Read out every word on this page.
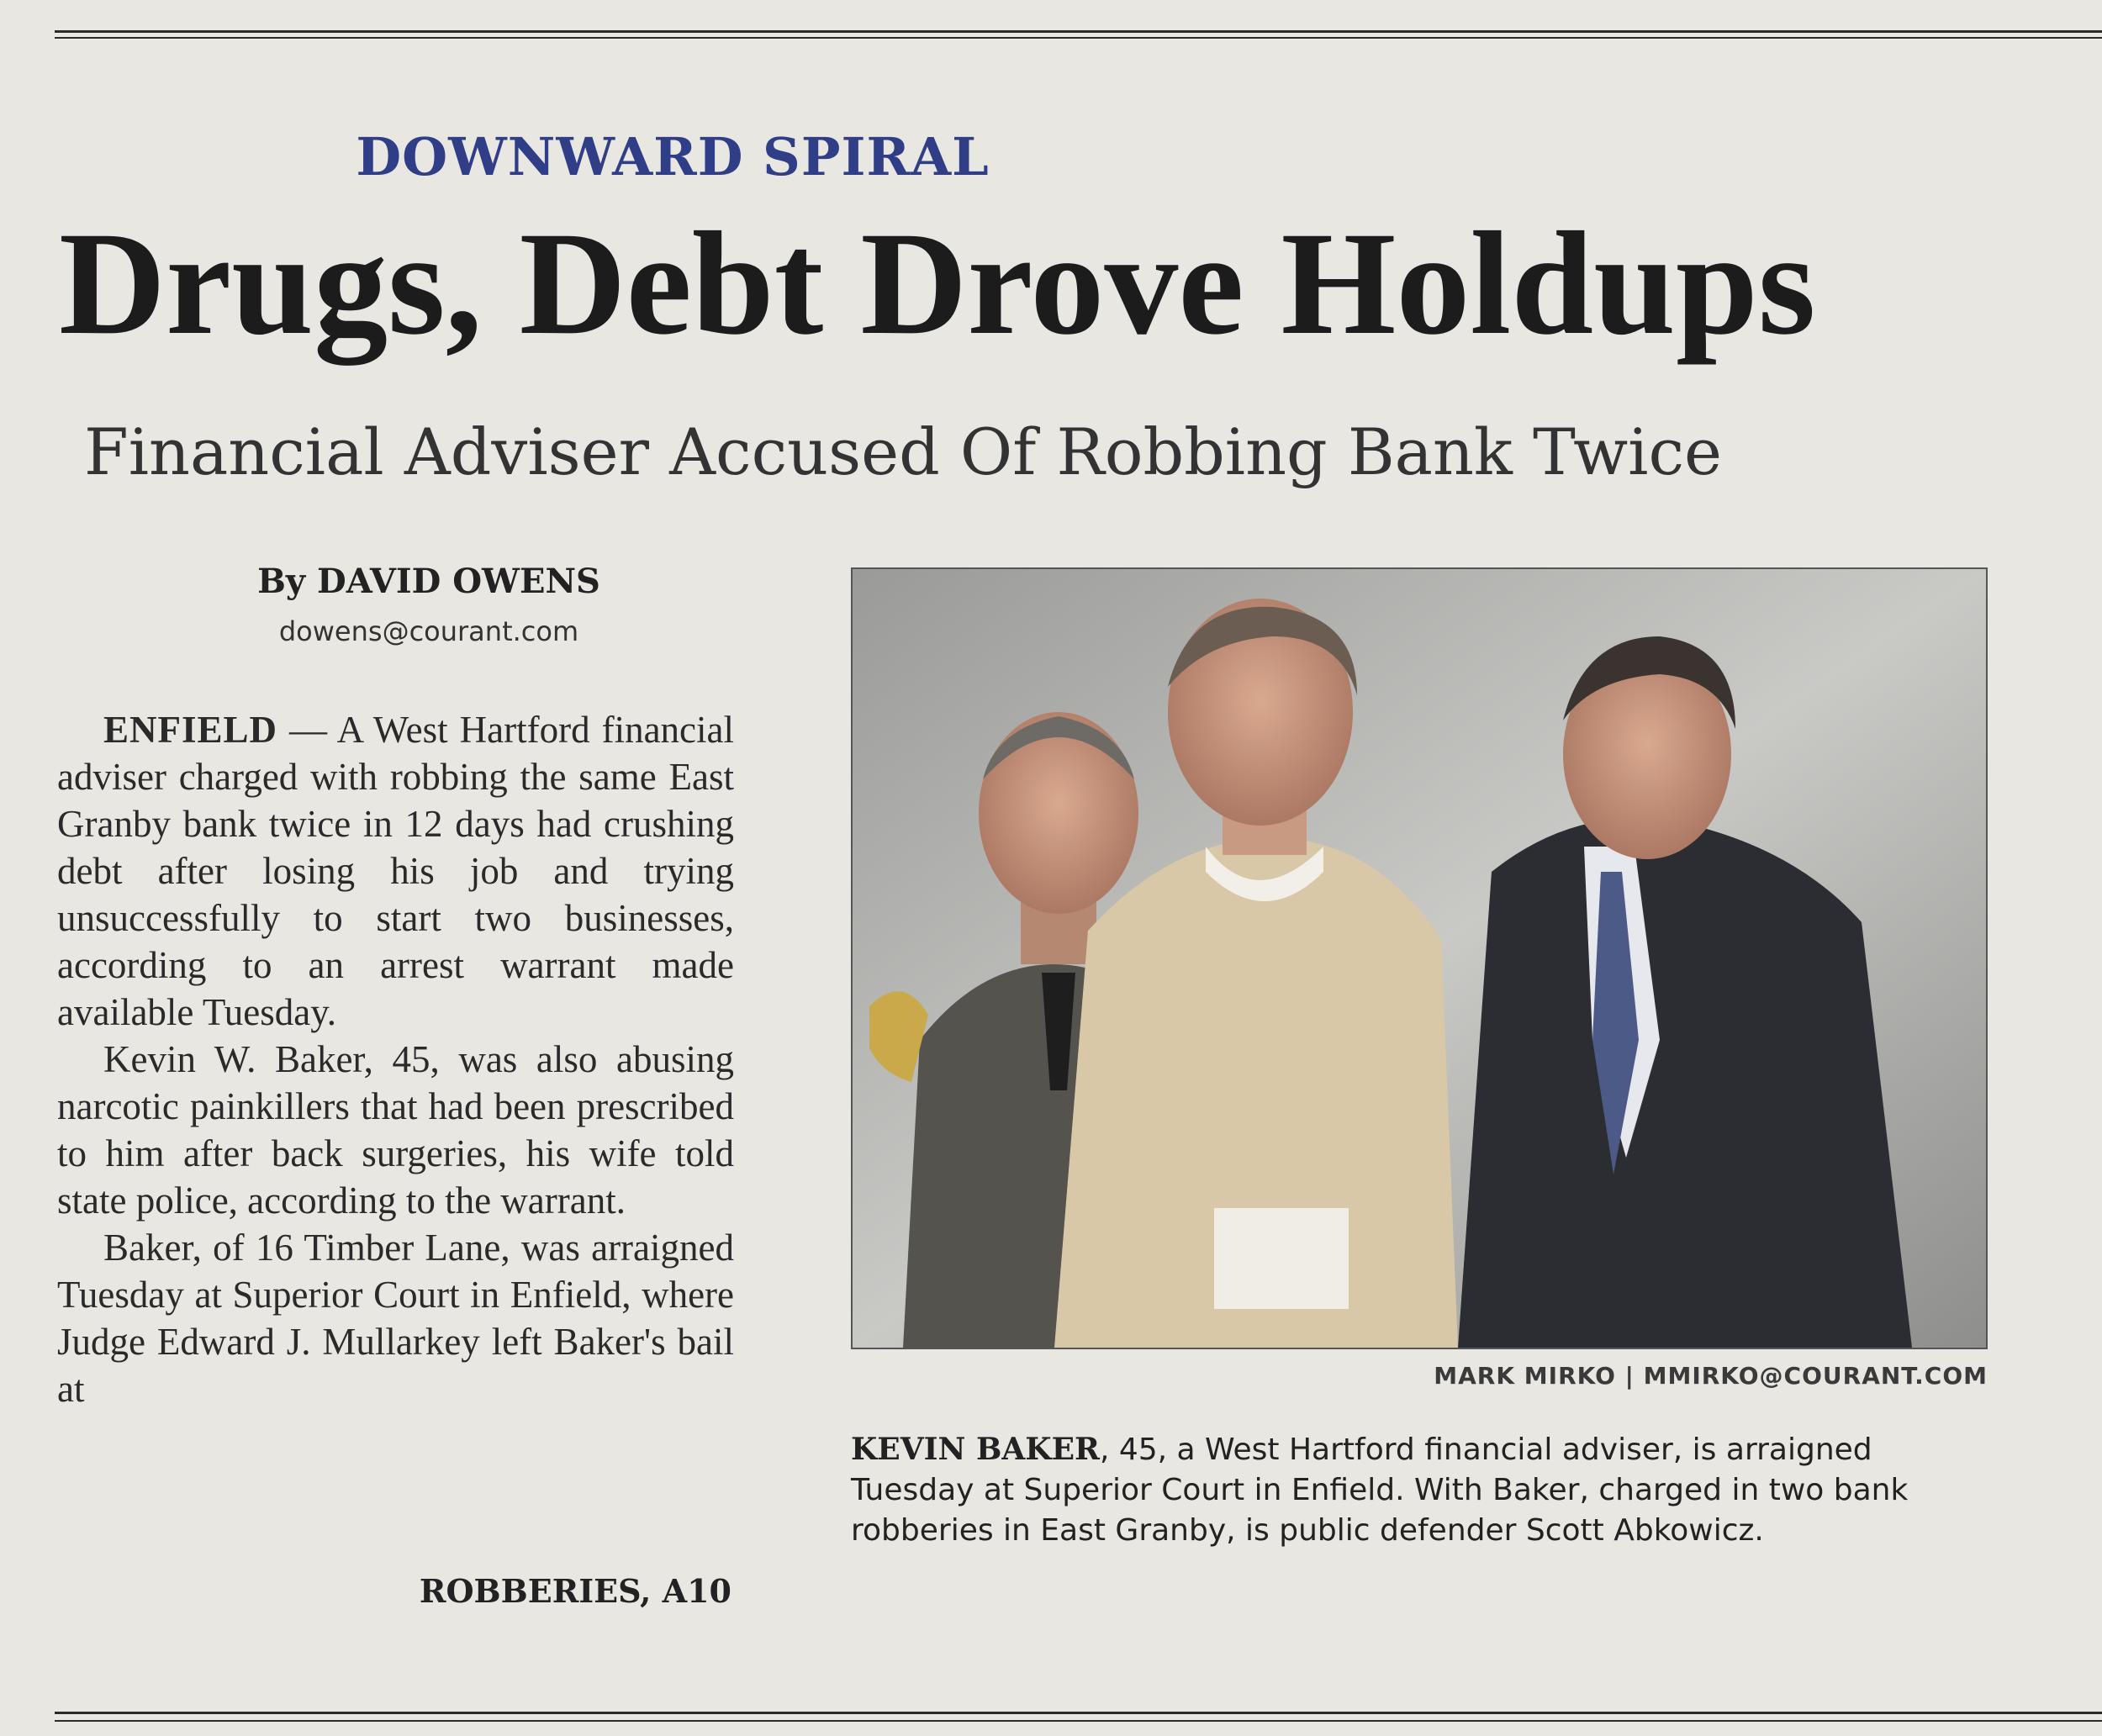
DOWNWARD SPIRAL
Drugs, Debt Drove Holdups
Financial Adviser Accused Of Robbing Bank Twice
By DAVID OWENS
dowens@courant.com

ENFIELD — A West Hartford financial adviser charged with robbing the same East Granby bank twice in 12 days had crushing debt after losing his job and trying unsuccessfully to start two businesses, according to an arrest warrant made available Tuesday.

Kevin W. Baker, 45, was also abusing narcotic painkillers that had been prescribed to him after back surgeries, his wife told state police, according to the warrant.

Baker, of 16 Timber Lane, was arraigned Tuesday at Superior Court in Enfield, where Judge Edward J. Mullarkey left Baker's bail at

ROBBERIES, A10
MARK MIRKO | MMIRKO@COURANT.COM
KEVIN BAKER, 45, a West Hartford financial adviser, is arraigned Tuesday at Superior Court in Enfield. With Baker, charged in two bank robberies in East Granby, is public defender Scott Abkowicz.
